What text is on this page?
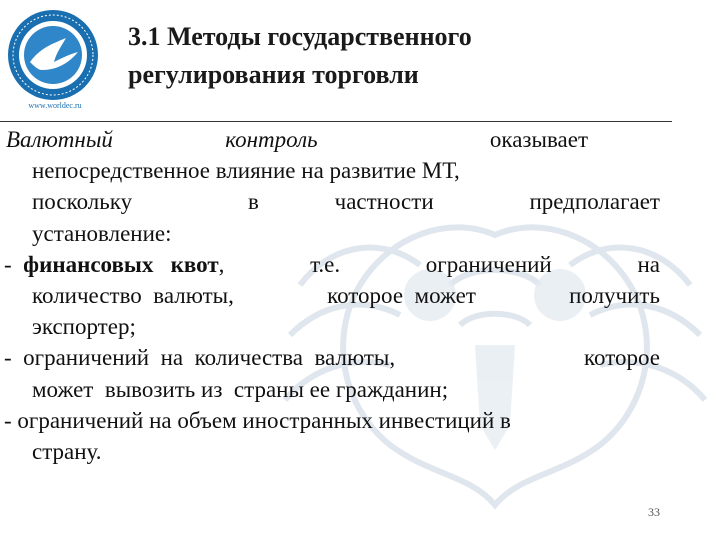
www.worldec.ru
3.1 Методы государственного
регулирования торговли
Валютный	контроль	оказывает
непосредственное влияние на развитие МТ,
поскольку	в	частности	предполагает
установление:
- финансовых   квот,	т.е.	ограничений	на
количество  валюты,	которое  может	получить
экспортер;
-  ограничений  на  количества  валюты,	которое
может  вывозить из  страны ее гражданин;
- ограничений на объем иностранных инвестиций в
страну.
33
